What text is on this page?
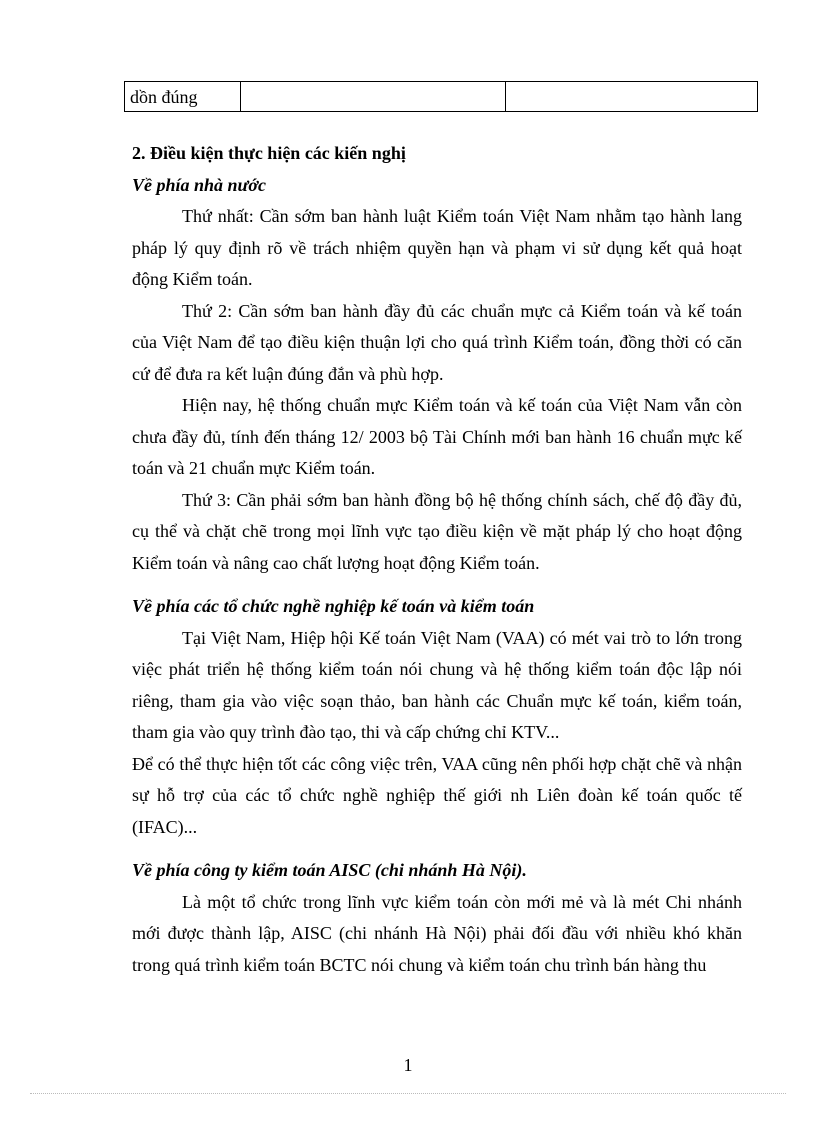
dồn đúng		
2. Điều kiện thực hiện các kiến nghị
Về phía nhà nước

Thứ nhất: Cần sớm ban hành luật Kiểm toán Việt Nam nhằm tạo hành lang pháp lý quy định rõ về trách nhiệm quyền hạn và phạm vi sử dụng kết quả hoạt động Kiểm toán.

Thứ 2: Cần sớm ban hành đầy đủ các chuẩn mực cả Kiểm toán và kế toán của Việt Nam để tạo điều kiện thuận lợi cho quá trình Kiểm toán, đồng thời có căn cứ để đưa ra kết luận đúng đắn và phù hợp.

Hiện nay, hệ thống chuẩn mực Kiểm toán và kế toán của Việt Nam vẫn còn chưa đầy đủ, tính đến tháng 12/ 2003 bộ Tài Chính mới ban hành 16 chuẩn mực kế toán và 21 chuẩn mực Kiểm toán.

Thứ 3: Cần phải sớm ban hành đồng bộ hệ thống chính sách, chế độ đầy đủ, cụ thể và chặt chẽ trong mọi lĩnh vực tạo điều kiện về mặt pháp lý cho hoạt động Kiểm toán và nâng cao chất lượng hoạt động Kiểm toán.

Về phía các tổ chức nghề nghiệp kế toán và kiểm toán

Tại Việt Nam, Hiệp hội Kế toán Việt Nam (VAA) có mét vai trò to lớn trong việc phát triển hệ thống kiểm toán nói chung và hệ thống kiểm toán độc lập nói riêng, tham gia vào việc soạn thảo, ban hành các Chuẩn mực kế toán, kiểm toán, tham gia vào quy trình đào tạo, thi và cấp chứng chỉ KTV...

Để có thể thực hiện tốt các công việc trên, VAA cũng nên phối hợp chặt chẽ và nhận sự hỗ trợ của các tổ chức nghề nghiệp thế giới nh Liên đoàn kế toán quốc tế (IFAC)...

Về phía công ty kiểm toán AISC (chi nhánh Hà Nội).

Là một tổ chức trong lĩnh vực kiểm toán còn mới mẻ và là mét Chi nhánh mới được thành lập, AISC (chi nhánh Hà Nội) phải đối đầu với nhiều khó khăn trong quá trình kiểm toán BCTC nói chung và kiểm toán chu trình bán hàng thu

1
